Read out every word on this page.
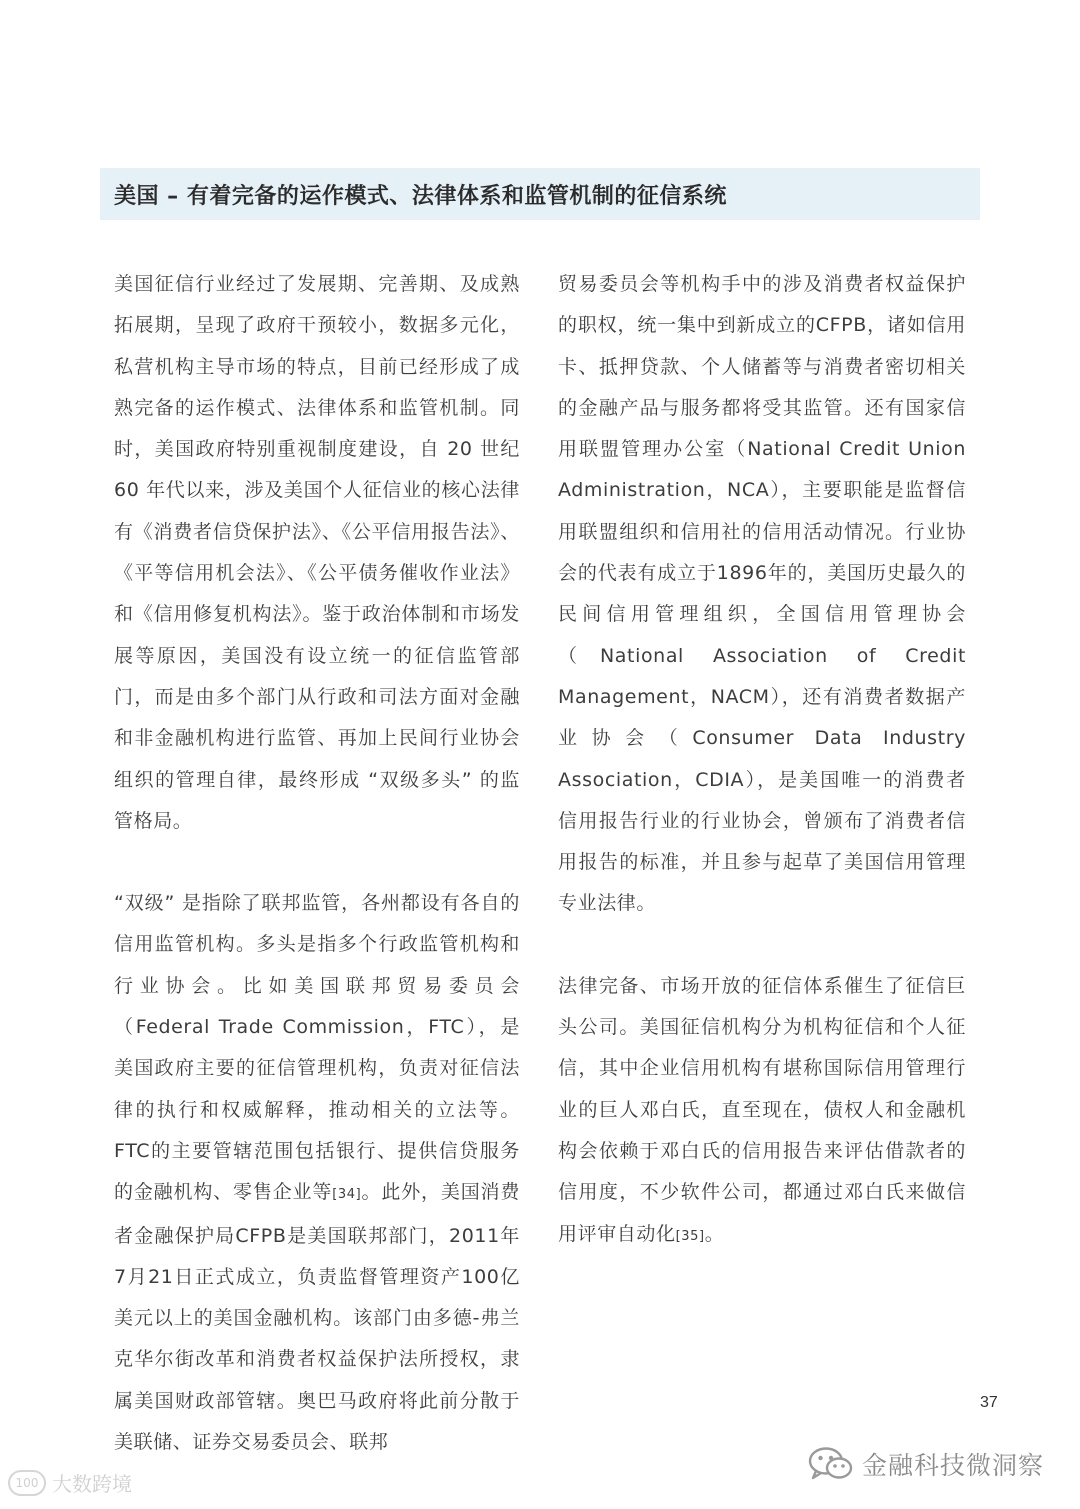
美国 – 有着完备的运作模式、法律体系和监管机制的征信系统

美国征信行业经过了发展期、完善期、及成熟拓展期，呈现了政府干预较小，数据多元化，私营机构主导市场的特点，目前已经形成了成熟完备的运作模式、法律体系和监管机制。同时，美国政府特别重视制度建设，自 20 世纪 60 年代以来，涉及美国个人征信业的核心法律有《消费者信贷保护法》、《公平信用报告法》、《平等信用机会法》、《公平债务催收作业法》和《信用修复机构法》。鉴于政治体制和市场发展等原因，美国没有设立统一的征信监管部门，而是由多个部门从行政和司法方面对金融和非金融机构进行监管、再加上民间行业协会组织的管理自律，最终形成 “双级多头” 的监管格局。

“双级” 是指除了联邦监管，各州都设有各自的信用监管机构。多头是指多个行政监管机构和行业协会。比如美国联邦贸易委员会（Federal Trade Commission，FTC），是美国政府主要的征信管理机构，负责对征信法律的执行和权威解释，推动相关的立法等。FTC的主要管辖范围包括银行、提供信贷服务的金融机构、零售企业等[34]。此外，美国消费者金融保护局CFPB是美国联邦部门，2011年7月21日正式成立，负责监督管理资产100亿美元以上的美国金融机构。该部门由多德-弗兰克华尔街改革和消费者权益保护法所授权，隶属美国财政部管辖。奥巴马政府将此前分散于美联储、证券交易委员会、联邦

贸易委员会等机构手中的涉及消费者权益保护的职权，统一集中到新成立的CFPB，诸如信用卡、抵押贷款、个人储蓄等与消费者密切相关的金融产品与服务都将受其监管。还有国家信用联盟管理办公室（National Credit Union Administration，NCA），主要职能是监督信用联盟组织和信用社的信用活动情况。行业协会的代表有成立于1896年的，美国历史最久的民间信用管理组织，全国信用管理协会（National Association of Credit Management，NACM），还有消费者数据产业协会（Consumer Data Industry Association，CDIA），是美国唯一的消费者信用报告行业的行业协会，曾颁布了消费者信用报告的标准，并且参与起草了美国信用管理专业法律。

法律完备、市场开放的征信体系催生了征信巨头公司。美国征信机构分为机构征信和个人征信，其中企业信用机构有堪称国际信用管理行业的巨人邓白氏，直至现在，债权人和金融机构会依赖于邓白氏的信用报告来评估借款者的信用度，不少软件公司，都通过邓白氏来做信用评审自动化[35]。

37
100 大数跨境
金融科技微洞察
